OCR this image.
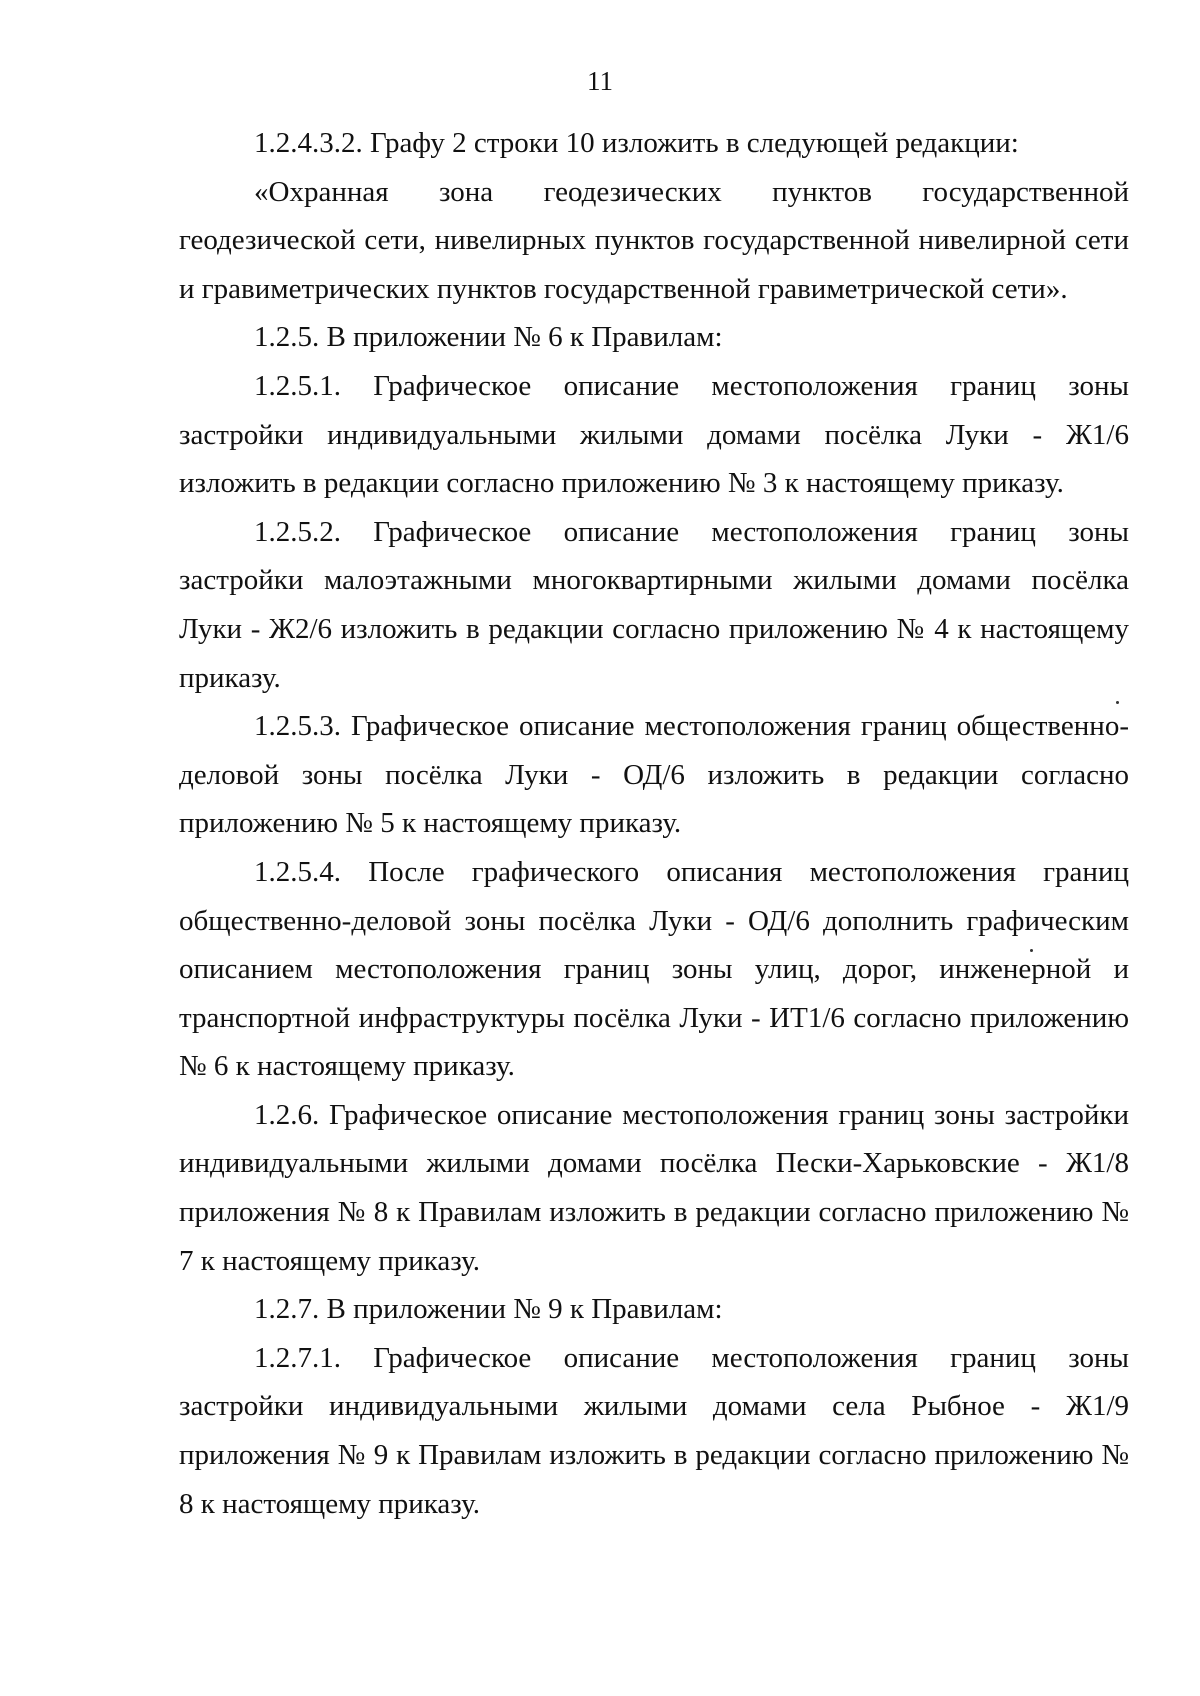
11

1.2.4.3.2. Графу 2 строки 10 изложить в следующей редакции:

«Охранная зона геодезических пунктов государственной геодезической сети, нивелирных пунктов государственной нивелирной сети и гравиметрических пунктов государственной гравиметрической сети».

1.2.5. В приложении № 6 к Правилам:

1.2.5.1. Графическое описание местоположения границ зоны застройки индивидуальными жилыми домами посёлка Луки - Ж1/6 изложить в редакции согласно приложению № 3 к настоящему приказу.

1.2.5.2. Графическое описание местоположения границ зоны застройки малоэтажными многоквартирными жилыми домами посёлка Луки - Ж2/6 изложить в редакции согласно приложению № 4 к настоящему приказу.

1.2.5.3. Графическое описание местоположения границ общественно-деловой зоны посёлка Луки - ОД/6 изложить в редакции согласно приложению № 5 к настоящему приказу.

1.2.5.4. После графического описания местоположения границ общественно-деловой зоны посёлка Луки - ОД/6 дополнить графическим описанием местоположения границ зоны улиц, дорог, инженерной и транспортной инфраструктуры посёлка Луки - ИТ1/6 согласно приложению № 6 к настоящему приказу.

1.2.6. Графическое описание местоположения границ зоны застройки индивидуальными жилыми домами посёлка Пески-Харьковские - Ж1/8 приложения № 8 к Правилам изложить в редакции согласно приложению № 7 к настоящему приказу.

1.2.7. В приложении № 9 к Правилам:

1.2.7.1. Графическое описание местоположения границ зоны застройки индивидуальными жилыми домами села Рыбное - Ж1/9 приложения № 9 к Правилам изложить в редакции согласно приложению № 8 к настоящему приказу.
